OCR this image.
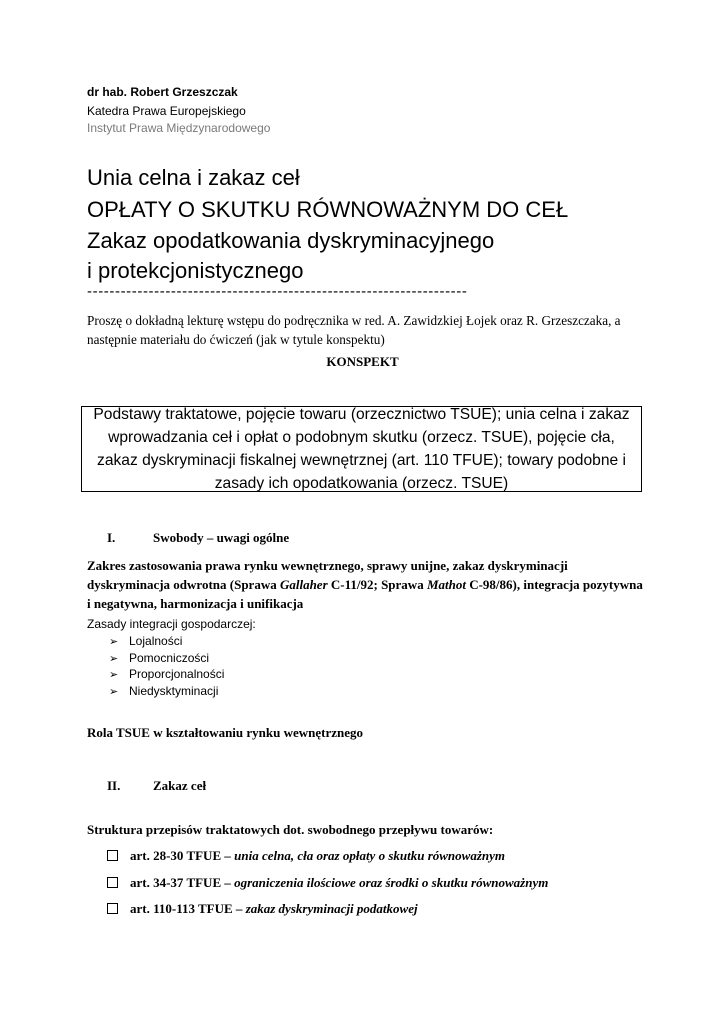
dr hab. Robert Grzeszczak
Katedra Prawa Europejskiego
Instytut Prawa Międzynarodowego
Unia celna i zakaz ceł
OPŁATY O SKUTKU RÓWNOWAŻNYM DO CEŁ
Zakaz opodatkowania dyskryminacyjnego
i protekcjonistycznego
--------------------------------------------------------------------
Proszę o dokładną lekturę wstępu do podręcznika w red. A. Zawidzkiej Łojek oraz R. Grzeszczaka, a następnie materiału do ćwiczeń (jak w tytule konspektu)
KONSPEKT
Podstawy traktatowe, pojęcie towaru (orzecznictwo TSUE); unia celna i zakaz wprowadzania ceł i opłat o podobnym skutku (orzecz. TSUE), pojęcie cła, zakaz dyskryminacji fiskalnej wewnętrznej (art. 110 TFUE); towary podobne i zasady ich opodatkowania (orzecz. TSUE)
I.	Swobody – uwagi ogólne
Zakres zastosowania prawa rynku wewnętrznego, sprawy unijne, zakaz dyskryminacji dyskryminacja odwrotna (Sprawa Gallaher C-11/92; Sprawa Mathot C-98/86), integracja pozytywna i negatywna, harmonizacja i unifikacja
Zasady integracji gospodarczej:
➢ Lojalności
➢ Pomocniczości
➢ Proporcjonalności
➢ Niedysktyminacji
Rola TSUE w kształtowaniu rynku wewnętrznego
II.	Zakaz ceł
Struktura przepisów traktatowych dot. swobodnego przepływu towarów:
art. 28-30 TFUE – unia celna, cła oraz opłaty o skutku równoważnym
art. 34-37 TFUE – ograniczenia ilościowe oraz środki o skutku równoważnym
art. 110-113 TFUE – zakaz dyskryminacji podatkowej
